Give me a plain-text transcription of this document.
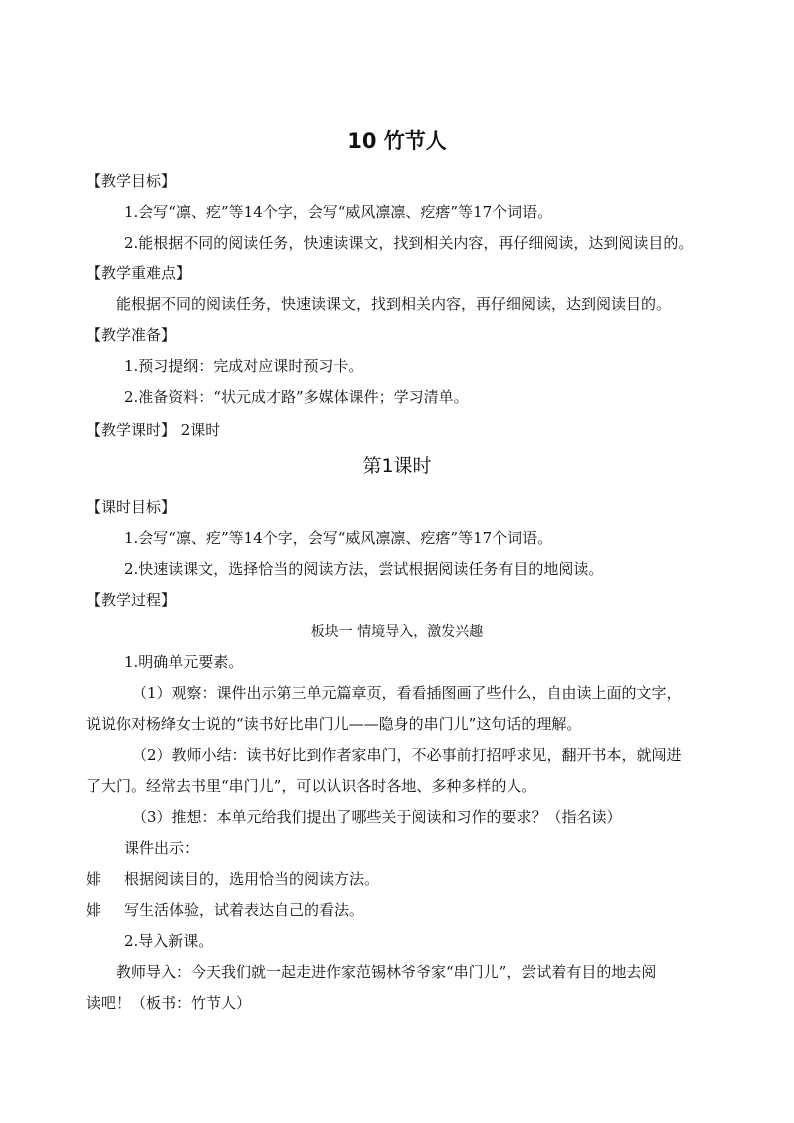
10 竹节人
【教学目标】
1.会写“凛、疙”等14个字，会写“威风凛凛、疙瘩”等17个词语。
2.能根据不同的阅读任务，快速读课文，找到相关内容，再仔细阅读，达到阅读目的。
【教学重难点】
能根据不同的阅读任务，快速读课文，找到相关内容，再仔细阅读，达到阅读目的。
【教学准备】
1.预习提纲：完成对应课时预习卡。
2.准备资料：“状元成才路”多媒体课件；学习清单。
【教学课时】 2课时
第1课时
【课时目标】
1.会写“凛、疙”等14个字，会写“威风凛凛、疙瘩”等17个词语。
2.快速读课文，选择恰当的阅读方法，尝试根据阅读任务有目的地阅读。
【教学过程】
板块一 情境导入，激发兴趣
1.明确单元要素。
（1）观察：课件出示第三单元篇章页，看看插图画了些什么，自由读上面的文字，
说说你对杨绛女士说的“读书好比串门儿——隐身的串门儿”这句话的理解。
（2）教师小结：读书好比到作者家串门，不必事前打招呼求见，翻开书本，就闯进
了大门。经常去书里“串门儿”，可以认识各时各地、多种多样的人。
（3）推想：本单元给我们提出了哪些关于阅读和习作的要求？（指名读）
课件出示：
婔 根据阅读目的，选用恰当的阅读方法。
婔 写生活体验，试着表达自己的看法。
2.导入新课。
教师导入：今天我们就一起走进作家范锡林爷爷家“串门儿”，尝试着有目的地去阅
读吧！（板书：竹节人）
